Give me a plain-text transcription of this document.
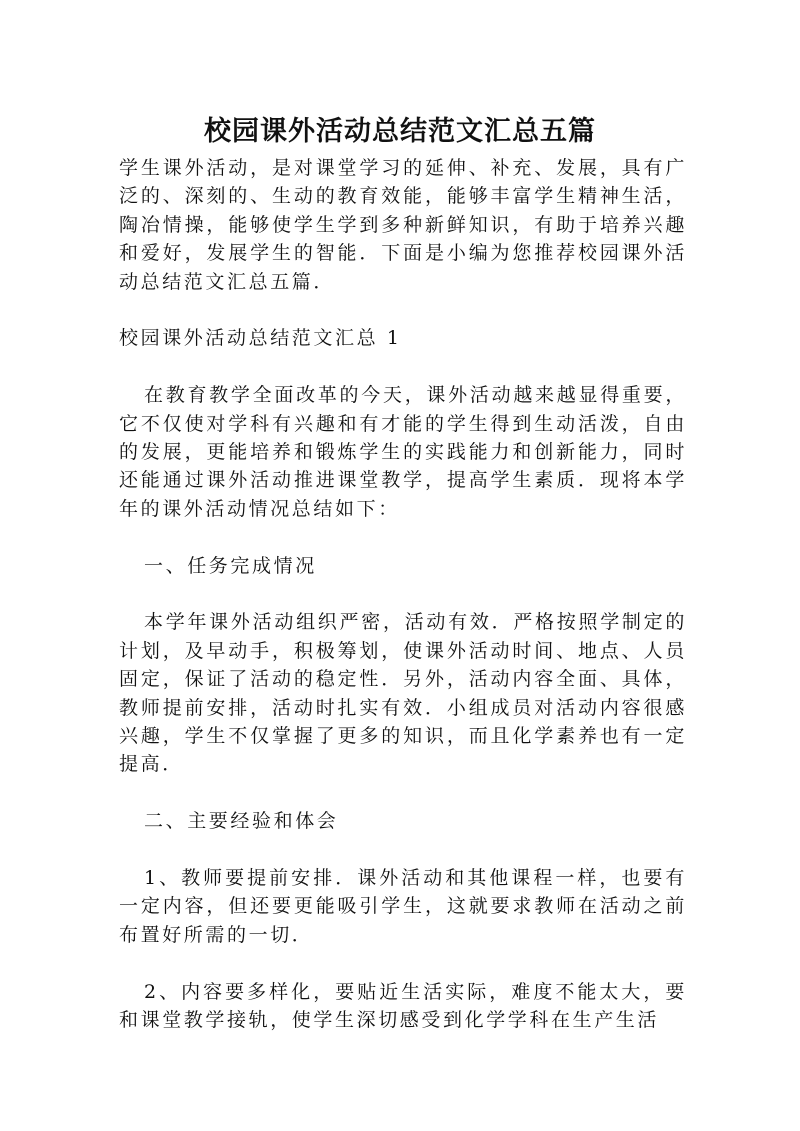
校园课外活动总结范文汇总五篇

学生课外活动，是对课堂学习的延伸、补充、发展，具有广泛的、深刻的、生动的教育效能，能够丰富学生精神生活，陶冶情操，能够使学生学到多种新鲜知识，有助于培养兴趣和爱好，发展学生的智能．下面是小编为您推荐校园课外活动总结范文汇总五篇．

校园课外活动总结范文汇总 1

在教育教学全面改革的今天，课外活动越来越显得重要，它不仅使对学科有兴趣和有才能的学生得到生动活泼，自由的发展，更能培养和锻炼学生的实践能力和创新能力，同时还能通过课外活动推进课堂教学，提高学生素质．现将本学年的课外活动情况总结如下：

一、任务完成情况

本学年课外活动组织严密，活动有效．严格按照学制定的计划，及早动手，积极筹划，使课外活动时间、地点、人员固定，保证了活动的稳定性．另外，活动内容全面、具体，教师提前安排，活动时扎实有效．小组成员对活动内容很感兴趣，学生不仅掌握了更多的知识，而且化学素养也有一定提高．

二、主要经验和体会

1、教师要提前安排．课外活动和其他课程一样，也要有一定内容，但还要更能吸引学生，这就要求教师在活动之前布置好所需的一切．

2、内容要多样化，要贴近生活实际，难度不能太大，要和课堂教学接轨，使学生深切感受到化学学科在生产生活
